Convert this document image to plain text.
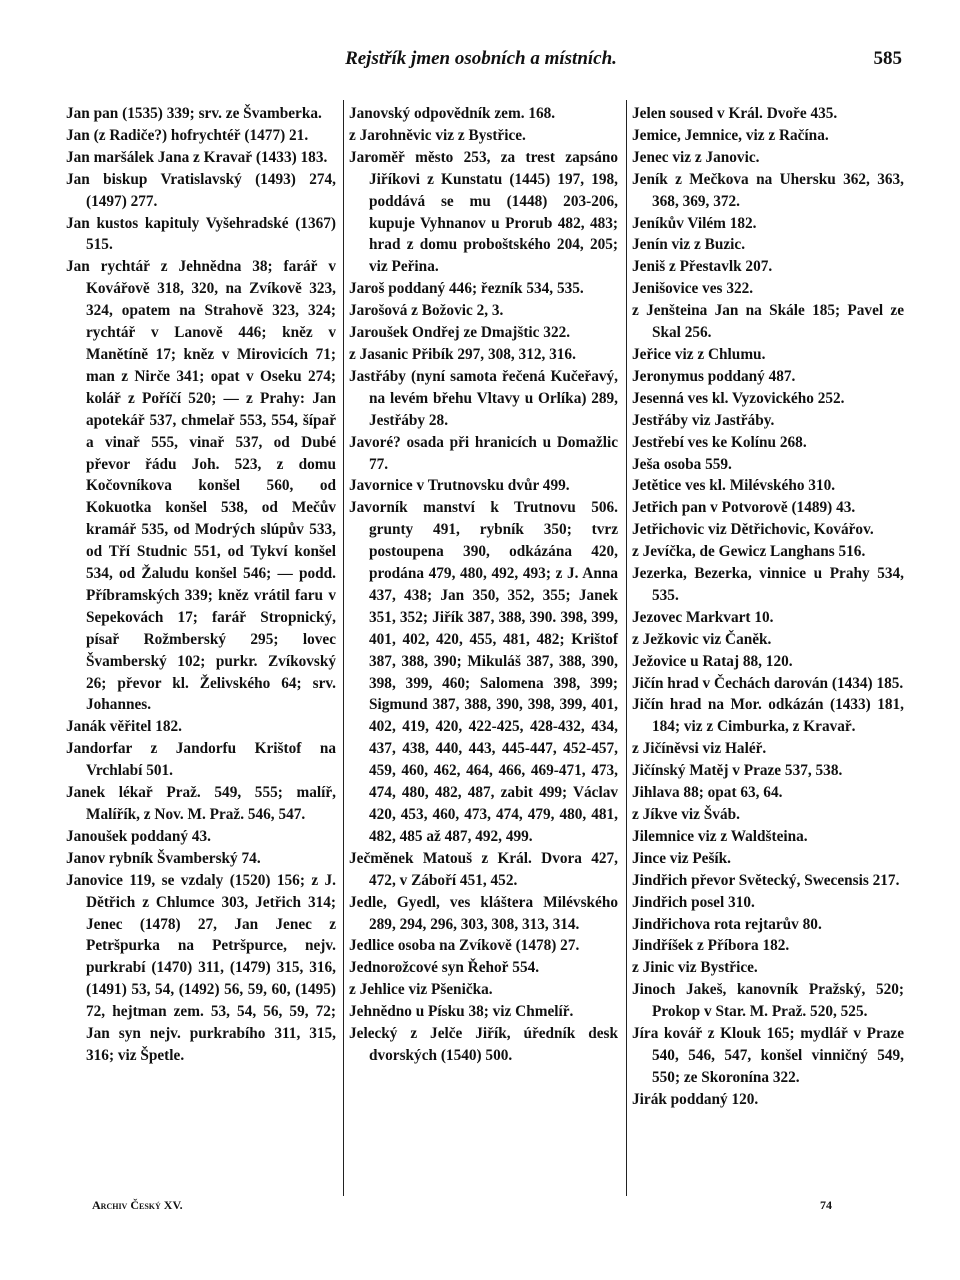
Rejstřík jmen osobních a místních.	585

Jan pan (1535) 339; srv. ze Švamberka.

Jan (z Radiče?) hofrychtéř (1477) 21.

Jan maršálek Jana z Kravař (1433) 183.

Jan biskup Vratislavský (1493) 274, (1497) 277.

Jan kustos kapituly Vyšehradské (1367) 515.

Jan rychtář z Jehnědna 38; farář v Kovářově 318, 320, na Zvíkově 323, 324, opatem na Strahově 323, 324; rychtář v Lanově 446; kněz v Manětíně 17; kněz v Mirovicích 71; man z Nirče 341; opat v Oseku 274; kolář z Poříčí 520; — z Prahy: Jan apotekář 537, chmelař 553, 554, šípař a vinař 555, vinař 537, od Dubé převor řádu Joh. 523, z domu Kočovníkova konšel 560, od Kokuotka konšel 538, od Mečův kramář 535, od Modrých slúpův 533, od Tří Studnic 551, od Tykví konšel 534, od Žaludu konšel 546; — podd. Příbramských 339; kněz vrátil faru v Sepekovách 17; farář Stropnický, písař Rožmberský 295; lovec Švamberský 102; purkr. Zvíkovský 26; převor kl. Želivského 64; srv. Johannes.

Janák věřitel 182.

Jandorfar z Jandorfu Krištof na Vrchlabí 501.

Janek lékař Praž. 549, 555; malíř, Malířík, z Nov. M. Praž. 546, 547.

Janoušek poddaný 43.

Janov rybník Švamberský 74.

Janovice 119, se vzdaly (1520) 156; z J. Dětřich z Chlumce 303, Jetřich 314; Jenec (1478) 27, Jan Jenec z Petršpurka na Petršpurce, nejv. purkrabí (1470) 311, (1479) 315, 316, (1491) 53, 54, (1492) 56, 59, 60, (1495) 72, hejtman zem. 53, 54, 56, 59, 72; Jan syn nejv. purkrabího 311, 315, 316; viz Špetle.

Janovský odpovědník zem. 168.

z Jarohněvic viz z Bystřice.

Jaroměř město 253, za trest zapsáno Jiříkovi z Kunstatu (1445) 197, 198, poddává se mu (1448) 203-206, kupuje Vyhnanov u Prorub 482, 483; hrad z domu proboštského 204, 205; viz Peřina.

Jaroš poddaný 446; řezník 534, 535.

Jarošová z Božovic 2, 3.

Jaroušek Ondřej ze Dmajštic 322.

z Jasanic Přibík 297, 308, 312, 316.

Jastřáby (nyní samota řečená Kučeřavý, na levém břehu Vltavy u Orlíka) 289, Jestřáby 28.

Javoré? osada při hranicích u Domažlic 77.

Javornice v Trutnovsku dvůr 499.

Javorník manství k Trutnovu 506. grunty 491, rybník 350; tvrz postoupena 390, odkázána 420, prodána 479, 480, 492, 493; z J. Anna 437, 438; Jan 350, 352, 355; Janek 351, 352; Jiřík 387, 388, 390. 398, 399, 401, 402, 420, 455, 481, 482; Krištof 387, 388, 390; Mikuláš 387, 388, 390, 398, 399, 460; Salomena 398, 399; Sigmund 387, 388, 390, 398, 399, 401, 402, 419, 420, 422-425, 428-432, 434, 437, 438, 440, 443, 445-447, 452-457, 459, 460, 462, 464, 466, 469-471, 473, 474, 480, 482, 487, zabit 499; Václav 420, 453, 460, 473, 474, 479, 480, 481, 482, 485 až 487, 492, 499.

Ječměnek Matouš z Král. Dvora 427, 472, v Záboří 451, 452.

Jedle, Gyedl, ves kláštera Milévského 289, 294, 296, 303, 308, 313, 314.

Jedlice osoba na Zvíkově (1478) 27.

Jednorožcové syn Řehoř 554.

z Jehlice viz Pšenička.

Jehnědno u Písku 38; viz Chmelíř.

Jelecký z Jelče Jiřík, úředník desk dvorských (1540) 500.

Jelen soused v Král. Dvoře 435.

Jemice, Jemnice, viz z Račína.

Jenec viz z Janovic.

Jeník z Mečkova na Uhersku 362, 363, 368, 369, 372.

Jeníkův Vilém 182.

Jenín viz z Buzic.

Jeniš z Přestavlk 207.

Jenišovice ves 322.

z Jenšteina Jan na Skále 185; Pavel ze Skal 256.

Jeřice viz z Chlumu.

Jeronymus poddaný 487.

Jesenná ves kl. Vyzovického 252.

Jestřáby viz Jastřáby.

Jestřebí ves ke Kolínu 268.

Ješa osoba 559.

Jetětice ves kl. Milévského 310.

Jetřich pan v Potvorově (1489) 43.

Jetřichovic viz Dětřichovic, Kovářov.

z Jevíčka, de Gewicz Langhans 516.

Jezerka, Bezerka, vinnice u Prahy 534, 535.

Jezovec Markvart 10.

z Ježkovic viz Čaněk.

Ježovice u Rataj 88, 120.

Jičín hrad v Čechách darován (1434) 185.

Jičín hrad na Mor. odkázán (1433) 181, 184; viz z Cimburka, z Kravař.

z Jičíněvsi viz Haléř.

Jičínský Matěj v Praze 537, 538.

Jihlava 88; opat 63, 64.

z Jíkve viz Šváb.

Jilemnice viz z Waldšteina.

Jince viz Pešík.

Jindřich převor Světecký, Swecensis 217.

Jindřich posel 310.

Jindřichova rota rejtarův 80.

Jindříšek z Příbora 182.

z Jinic viz Bystřice.

Jinoch Jakeš, kanovník Pražský, 520; Prokop v Star. M. Praž. 520, 525.

Jíra kovář z Klouk 165; mydlář v Praze 540, 546, 547, konšel vinničný 549, 550; ze Skoronína 322.

Jirák poddaný 120.

Archiv Český XV.	74
